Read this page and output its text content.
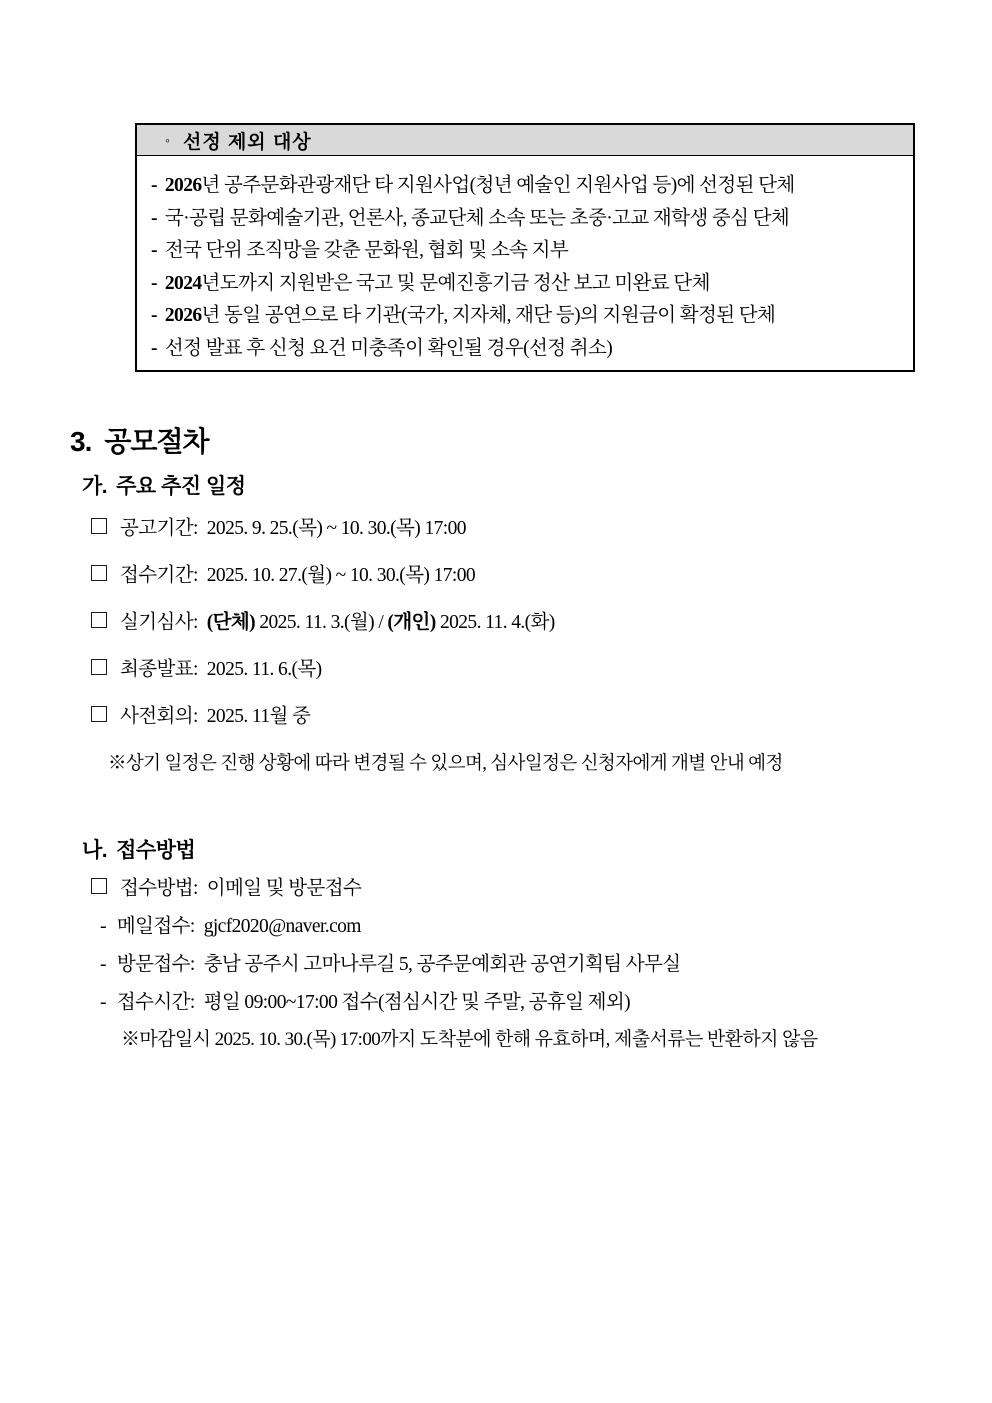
◦ 선정 제외 대상
- 2026년 공주문화관광재단 타 지원사업(청년 예술인 지원사업 등)에 선정된 단체
- 국·공립 문화예술기관, 언론사, 종교단체 소속 또는 초중·고교 재학생 중심 단체
- 전국 단위 조직망을 갖춘 문화원, 협회 및 소속 지부
- 2024년도까지 지원받은 국고 및 문예진흥기금 정산 보고 미완료 단체
- 2026년 동일 공연으로 타 기관(국가, 지자체, 재단 등)의 지원금이 확정된 단체
- 선정 발표 후 신청 요건 미충족이 확인될 경우(선정 취소)
3. 공모절차
가. 주요 추진 일정
공고기간: 2025. 9. 25.(목) ~ 10. 30.(목) 17:00
접수기간: 2025. 10. 27.(월) ~ 10. 30.(목) 17:00
실기심사: (단체) 2025. 11. 3.(월) / (개인) 2025. 11. 4.(화)
최종발표: 2025. 11. 6.(목)
사전회의: 2025. 11월 중

※상기 일정은 진행 상황에 따라 변경될 수 있으며, 심사일정은 신청자에게 개별 안내 예정

나. 접수방법
접수방법: 이메일 및 방문접수
- 메일접수: gjcf2020@naver.com
- 방문접수: 충남 공주시 고마나루길 5, 공주문예회관 공연기획팀 사무실
- 접수시간: 평일 09:00~17:00 접수(점심시간 및 주말, 공휴일 제외)

※마감일시 2025. 10. 30.(목) 17:00까지 도착분에 한해 유효하며, 제출서류는 반환하지 않음
